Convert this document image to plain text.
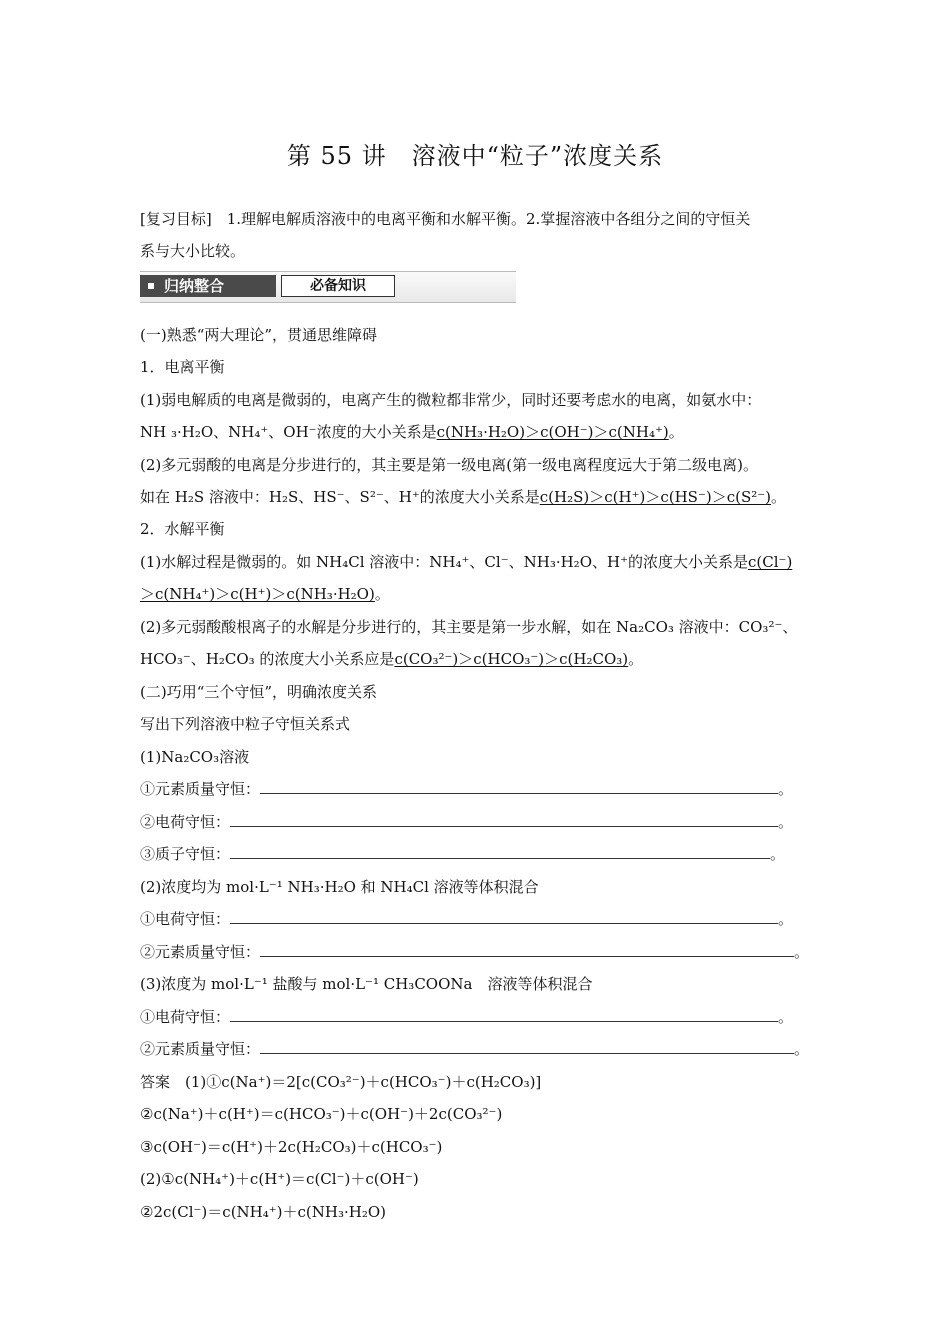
第 55 讲　溶液中“粒子”浓度关系
[复习目标]　1.理解电解质溶液中的电离平衡和水解平衡。2.掌握溶液中各组分之间的守恒关
系与大小比较。
归纳整合	必备知识
(一)熟悉“两大理论”，贯通思维障碍
1．电离平衡
(1)弱电解质的电离是微弱的，电离产生的微粒都非常少，同时还要考虑水的电离，如氨水中：
NH ₃·H₂O、NH₄⁺、OH⁻浓度的大小关系是c(NH₃·H₂O)＞c(OH⁻)＞c(NH₄⁺)。
(2)多元弱酸的电离是分步进行的，其主要是第一级电离(第一级电离程度远大于第二级电离)。
如在 H₂S 溶液中：H₂S、HS⁻、S²⁻、H⁺的浓度大小关系是c(H₂S)＞c(H⁺)＞c(HS⁻)＞c(S²⁻)。
2．水解平衡
(1)水解过程是微弱的。如 NH₄Cl 溶液中：NH₄⁺、Cl⁻、NH₃·H₂O、H⁺的浓度大小关系是c(Cl⁻)
＞c(NH₄⁺)＞c(H⁺)＞c(NH₃·H₂O)。
(2)多元弱酸酸根离子的水解是分步进行的，其主要是第一步水解，如在 Na₂CO₃ 溶液中：CO₃²⁻、
HCO₃⁻、H₂CO₃ 的浓度大小关系应是c(CO₃²⁻)＞c(HCO₃⁻)＞c(H₂CO₃)。
(二)巧用“三个守恒”，明确浓度关系
写出下列溶液中粒子守恒关系式
(1)Na₂CO₃溶液
①元素质量守恒：	。
②电荷守恒：	。
③质子守恒：	。
(2)浓度均为 mol·L⁻¹ NH₃·H₂O 和 NH₄Cl 溶液等体积混合
①电荷守恒：	。
②元素质量守恒：	。
(3)浓度为 mol·L⁻¹ 盐酸与 mol·L⁻¹ CH₃COONa　溶液等体积混合
①电荷守恒：	。
②元素质量守恒：	。
答案　(1)①c(Na⁺)＝2[c(CO₃²⁻)＋c(HCO₃⁻)＋c(H₂CO₃)]
②c(Na⁺)＋c(H⁺)＝c(HCO₃⁻)＋c(OH⁻)＋2c(CO₃²⁻)
③c(OH⁻)＝c(H⁺)＋2c(H₂CO₃)＋c(HCO₃⁻)
(2)①c(NH₄⁺)＋c(H⁺)＝c(Cl⁻)＋c(OH⁻)
②2c(Cl⁻)＝c(NH₄⁺)＋c(NH₃·H₂O)
